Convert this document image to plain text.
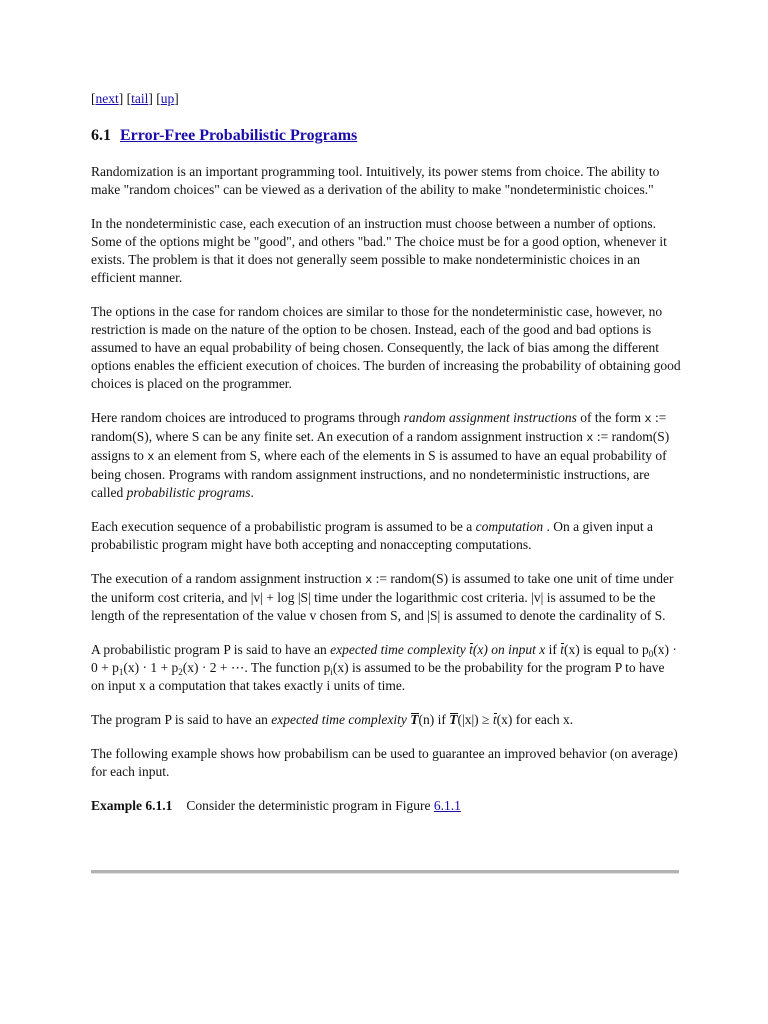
[next] [tail] [up]
6.1 Error-Free Probabilistic Programs

Randomization is an important programming tool. Intuitively, its power stems from choice. The ability to make "random choices" can be viewed as a derivation of the ability to make "nondeterministic choices."

In the nondeterministic case, each execution of an instruction must choose between a number of options. Some of the options might be "good", and others "bad." The choice must be for a good option, whenever it exists. The problem is that it does not generally seem possible to make nondeterministic choices in an efficient manner.

The options in the case for random choices are similar to those for the nondeterministic case, however, no restriction is made on the nature of the option to be chosen. Instead, each of the good and bad options is assumed to have an equal probability of being chosen. Consequently, the lack of bias among the different options enables the efficient execution of choices. The burden of increasing the probability of obtaining good choices is placed on the programmer.

Here random choices are introduced to programs through random assignment instructions of the form x := random(S), where S can be any finite set. An execution of a random assignment instruction x := random(S) assigns to x an element from S, where each of the elements in S is assumed to have an equal probability of being chosen. Programs with random assignment instructions, and no nondeterministic instructions, are called probabilistic programs.

Each execution sequence of a probabilistic program is assumed to be a computation . On a given input a probabilistic program might have both accepting and nonaccepting computations.

The execution of a random assignment instruction x := random(S) is assumed to take one unit of time under the uniform cost criteria, and |v| + log |S| time under the logarithmic cost criteria. |v| is assumed to be the length of the representation of the value v chosen from S, and |S| is assumed to denote the cardinality of S.

A probabilistic program P is said to have an expected time complexity t(x) on input x if t(x) is equal to $p_0(x) \cdot 0 + p_1(x) \cdot 1 + p_2(x) \cdot 2$ + ⋯. The function $p_i(x)$ is assumed to be the probability for the program P to have on input x a computation that takes exactly i units of time.

The program P is said to have an expected time complexity T(n) if T(|x|) ≥ t(x) for each x.

The following example shows how probabilism can be used to guarantee an improved behavior (on average) for each input.

Example 6.1.1 Consider the deterministic program in Figure 6.1.1
